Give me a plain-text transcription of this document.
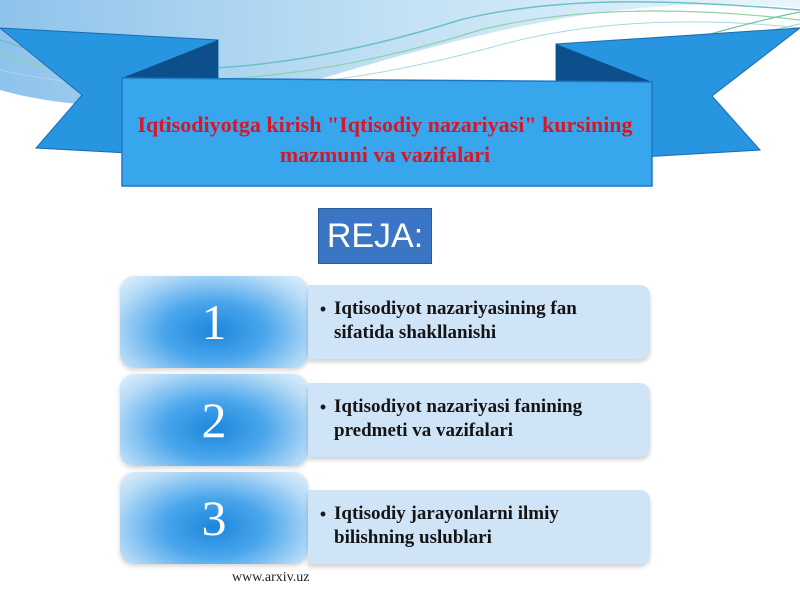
Iqtisodiyotga kirish "Iqtisodiy nazariyasi" kursining mazmuni va vazifalari
REJA:
1	• Iqtisodiyot nazariyasining fan sifatida shakllanishi
2	• Iqtisodiyot nazariyasi fanining predmeti va vazifalari
3	• Iqtisodiy jarayonlarni ilmiy bilishning uslublari
www.arxiv.uz
